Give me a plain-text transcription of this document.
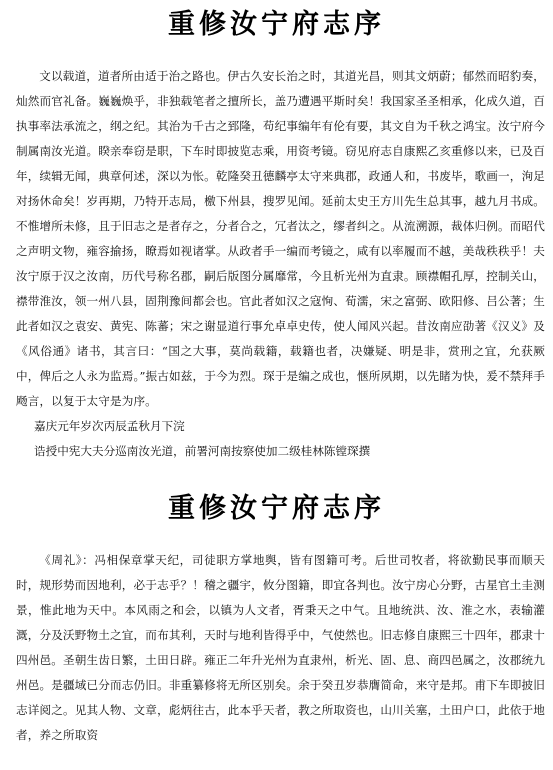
重修汝宁府志序

文以载道，道者所由适于治之路也。伊古久安长治之时，其道光昌，则其文炳蔚；郁然而昭豹奏，灿然而官礼备。巍巍焕乎，非独载笔者之擅所长，盖乃遭遇平斯时矣！我国家圣圣相承，化成久道，百执事率法承流之，纲之纪。其治为千古之郅隆，苟纪事编年有伦有要，其文自为千秋之鸿宝。汝宁府今制属南汝光道。睽亲奉窃是职，下车时即披览志乘，用资考镜。窃见府志自康熙乙亥重修以来，已及百年，续辑无闻，典章何述，深以为怅。乾隆癸丑德麟亭太守来典郡，政通人和，书废毕，歌画一，洵足对扬休命矣！岁再期，乃特开志局，檄下州县，搜罗见闻。延前太史王方川先生总其事，越九月书成。不惟增所未修，且于旧志之是者存之，分者合之，冗者汰之，缪者纠之。从流溯源，裁体归例。而昭代之声明文物，雍容揄扬，瞭焉如视诸掌。从政者手一编而考镜之，咸有以率履而不越，美哉秩秩乎！夫汝宁原于汉之汝南，历代号称名郡，嗣后版图分属靡常，今且析光州为直隶。顾襟帽孔厚，控制关山，襟带淮汝，领一州八县，固荆豫间都会也。官此者如汉之寇恂、荀濡，宋之富弼、欧阳修、吕公著；生此者如汉之袁安、黄宪、陈蕃；宋之谢显道行事允卓卓史传，使人闻风兴起。昔汝南应劭著《汉义》及《风俗通》诸书，其言曰：“国之大事，莫尚载籍，载籍也者，决嫌疑、明是非，赏刑之宜，允获厥中，俾后之人永为监焉。”振古如兹，于今为烈。琛于是编之成也，惬所夙期，以先睹为快，爰不禁拜手飏言，以复于太守是为序。

嘉庆元年岁次丙辰孟秋月下浣
诰授中宪大夫分巡南汝光道，前署河南按察使加二级桂林陈镗琛撰
重修汝宁府志序

《周礼》：冯相保章掌天纪，司徒职方掌地舆，皆有图籍可考。后世司牧者，将欲勤民事而顺天时，规形势而因地利，必于志乎？！稽之疆宇，攸分图籍，即宜各判也。汝宁房心分野，古星官土圭测景，惟此地为天中。本风雨之和会，以镇为人文者，胥秉天之中气。且地统洪、汝、淮之水，表输灌溉，分及沃野物土之宜，而布其利，天时与地利皆得乎中，气使然也。旧志修自康熙三十四年，郡隶十四州邑。圣朝生齿日繁，土田日辟。雍正二年升光州为直隶州，析光、固、息、商四邑属之，汝郡统九州邑。是疆域已分而志仍旧。非重纂修将无所区别矣。余于癸丑岁恭膺简命，来守是邦。甫下车即披旧志详阅之。见其人物、文章，彪炳往古，此本乎天者，教之所取资也，山川关塞，土田户口，此依于地者，养之所取资
